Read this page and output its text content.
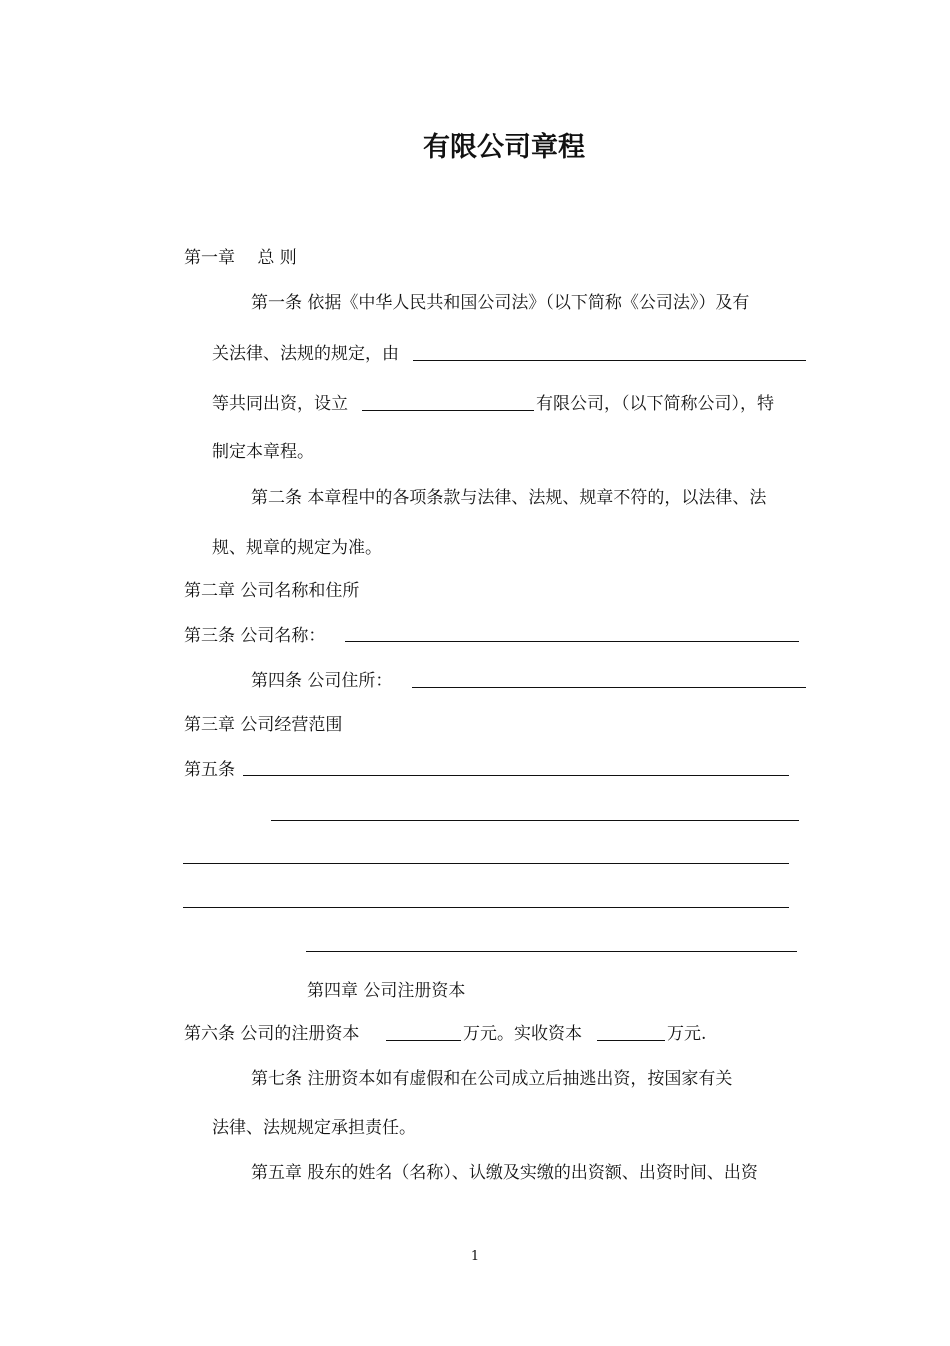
有限公司章程
第一章　 总 则
第一条 依据《中华人民共和国公司法》（以下简称《公司法》）及有
关法律、法规的规定，由
等共同出资，设立	有限公司，（以下简称公司），特
制定本章程。
第二条 本章程中的各项条款与法律、法规、规章不符的，以法律、法
规、规章的规定为准。
第二章 公司名称和住所
第三条 公司名称：
第四条 公司住所：
第三章 公司经营范围
第五条
第四章 公司注册资本
第六条 公司的注册资本	万元。实收资本	万元.
第七条 注册资本如有虚假和在公司成立后抽逃出资，按国家有关
法律、法规规定承担责任。
第五章 股东的姓名（名称）、认缴及实缴的出资额、出资时间、出资
1
